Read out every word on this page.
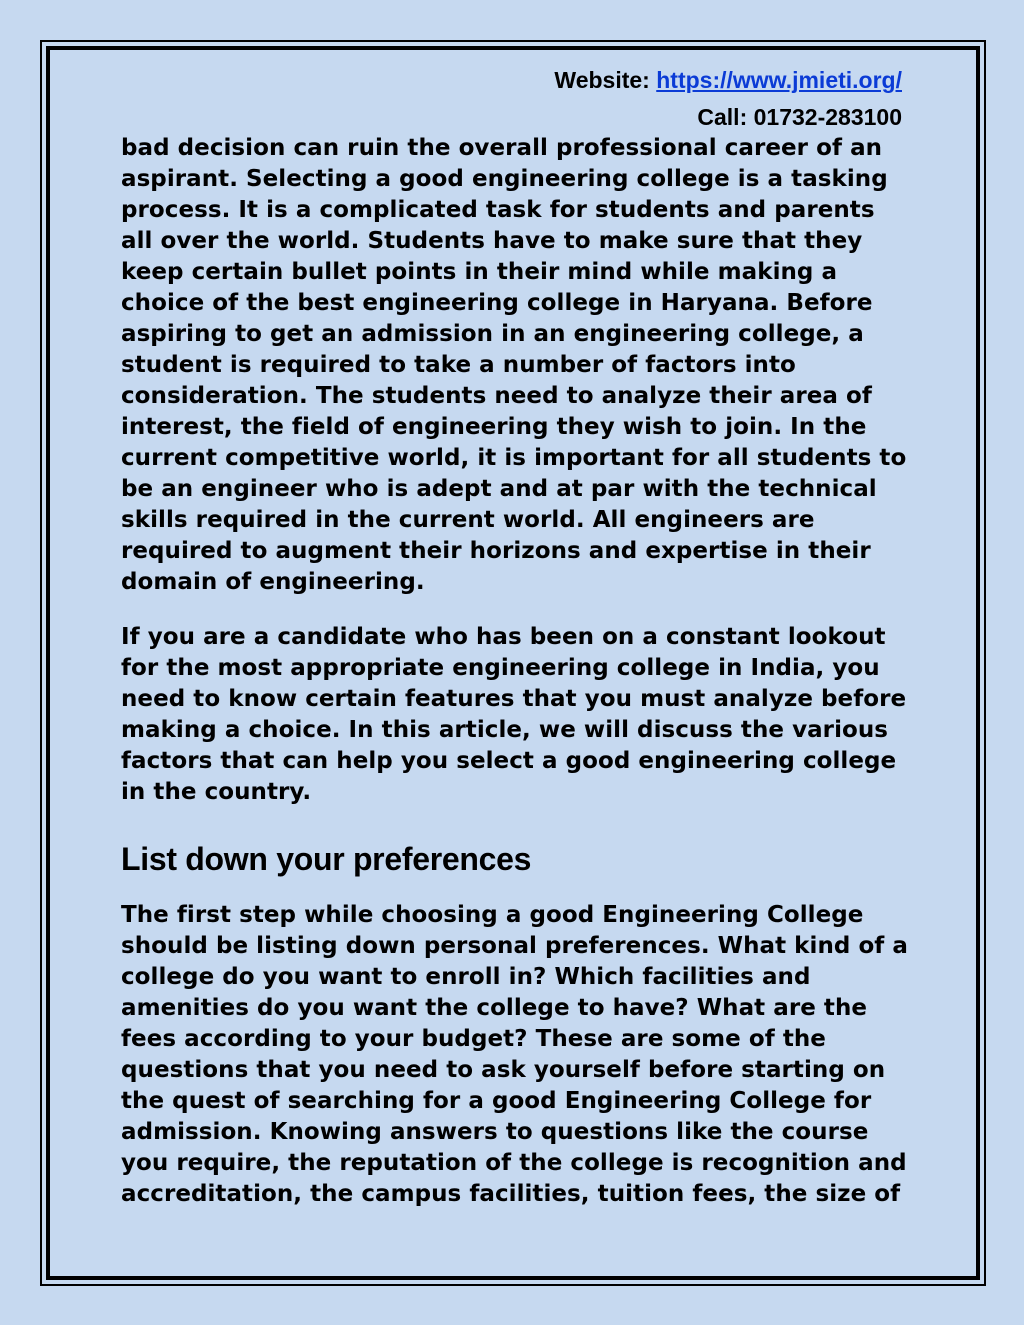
Website: https://www.jmieti.org/
Call: 01732-283100

bad decision can ruin the overall professional career of an aspirant. Selecting a good engineering college is a tasking process. It is a complicated task for students and parents all over the world. Students have to make sure that they keep certain bullet points in their mind while making a choice of the best engineering college in Haryana. Before aspiring to get an admission in an engineering college, a student is required to take a number of factors into consideration. The students need to analyze their area of interest, the field of engineering they wish to join. In the current competitive world, it is important for all students to be an engineer who is adept and at par with the technical skills required in the current world. All engineers are required to augment their horizons and expertise in their domain of engineering.

If you are a candidate who has been on a constant lookout for the most appropriate engineering college in India, you need to know certain features that you must analyze before making a choice. In this article, we will discuss the various factors that can help you select a good engineering college in the country.

List down your preferences

The first step while choosing a good Engineering College should be listing down personal preferences. What kind of a college do you want to enroll in? Which facilities and amenities do you want the college to have? What are the fees according to your budget? These are some of the questions that you need to ask yourself before starting on the quest of searching for a good Engineering College for admission. Knowing answers to questions like the course you require, the reputation of the college is recognition and accreditation, the campus facilities, tuition fees, the size of
